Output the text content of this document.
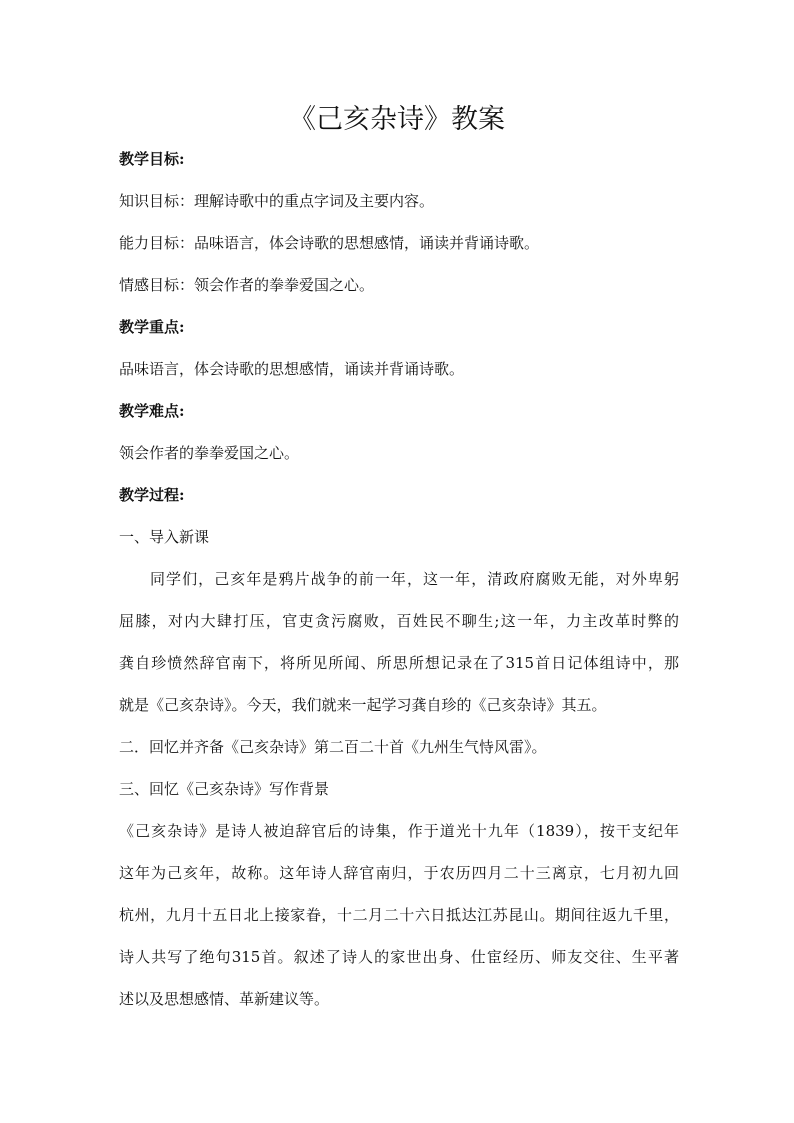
《己亥杂诗》教案

教学目标:

知识目标：理解诗歌中的重点字词及主要内容。

能力目标：品味语言，体会诗歌的思想感情，诵读并背诵诗歌。

情感目标：领会作者的拳拳爱国之心。

教学重点:

品味语言，体会诗歌的思想感情，诵读并背诵诗歌。

教学难点:

领会作者的拳拳爱国之心。

教学过程:

一、导入新课

同学们，己亥年是鸦片战争的前一年，这一年，清政府腐败无能，对外卑躬

屈膝，对内大肆打压，官吏贪污腐败，百姓民不聊生;这一年，力主改革时弊的

龚自珍愤然辞官南下，将所见所闻、所思所想记录在了315首日记体组诗中，那

就是《己亥杂诗》。今天，我们就来一起学习龚自珍的《己亥杂诗》其五。

二．回忆并齐备《己亥杂诗》第二百二十首《九州生气恃风雷》。

三、回忆《己亥杂诗》写作背景

《己亥杂诗》是诗人被迫辞官后的诗集，作于道光十九年（1839），按干支纪年

这年为己亥年，故称。这年诗人辞官南归，于农历四月二十三离京，七月初九回

杭州，九月十五日北上接家眷，十二月二十六日抵达江苏昆山。期间往返九千里，

诗人共写了绝句315首。叙述了诗人的家世出身、仕宦经历、师友交往、生平著

述以及思想感情、革新建议等。
